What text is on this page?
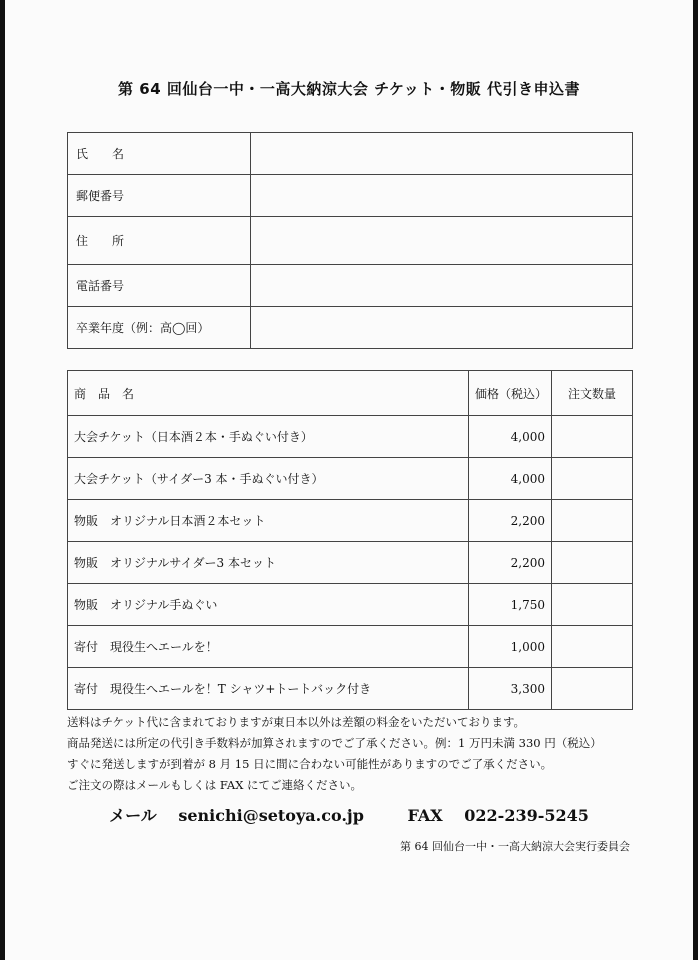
第 64 回仙台一中・一高大納涼大会 チケット・物販 代引き申込書
氏　　名	
郵便番号	
住　　所	
電話番号	
卒業年度（例：高◯回）	
商　品　名	価格（税込）	注文数量
大会チケット（日本酒２本・手ぬぐい付き）	4,000	
大会チケット（サイダー3 本・手ぬぐい付き）	4,000	
物販　オリジナル日本酒２本セット	2,200	
物販　オリジナルサイダー3 本セット	2,200	
物販　オリジナル手ぬぐい	1,750	
寄付　現役生へエールを！	1,000	
寄付　現役生へエールを！T シャツ+トートバック付き	3,300	

送料はチケット代に含まれておりますが東日本以外は差額の料金をいただいております。

商品発送には所定の代引き手数料が加算されますのでご了承ください。例：1 万円未満 330 円（税込）

すぐに発送しますが到着が 8 月 15 日に間に合わない可能性がありますのでご了承ください。

ご注文の際はメールもしくは FAX にてご連絡ください。

メール senichi@setoya.co.jp	FAX 022-239-5245
第 64 回仙台一中・一高大納涼大会実行委員会
